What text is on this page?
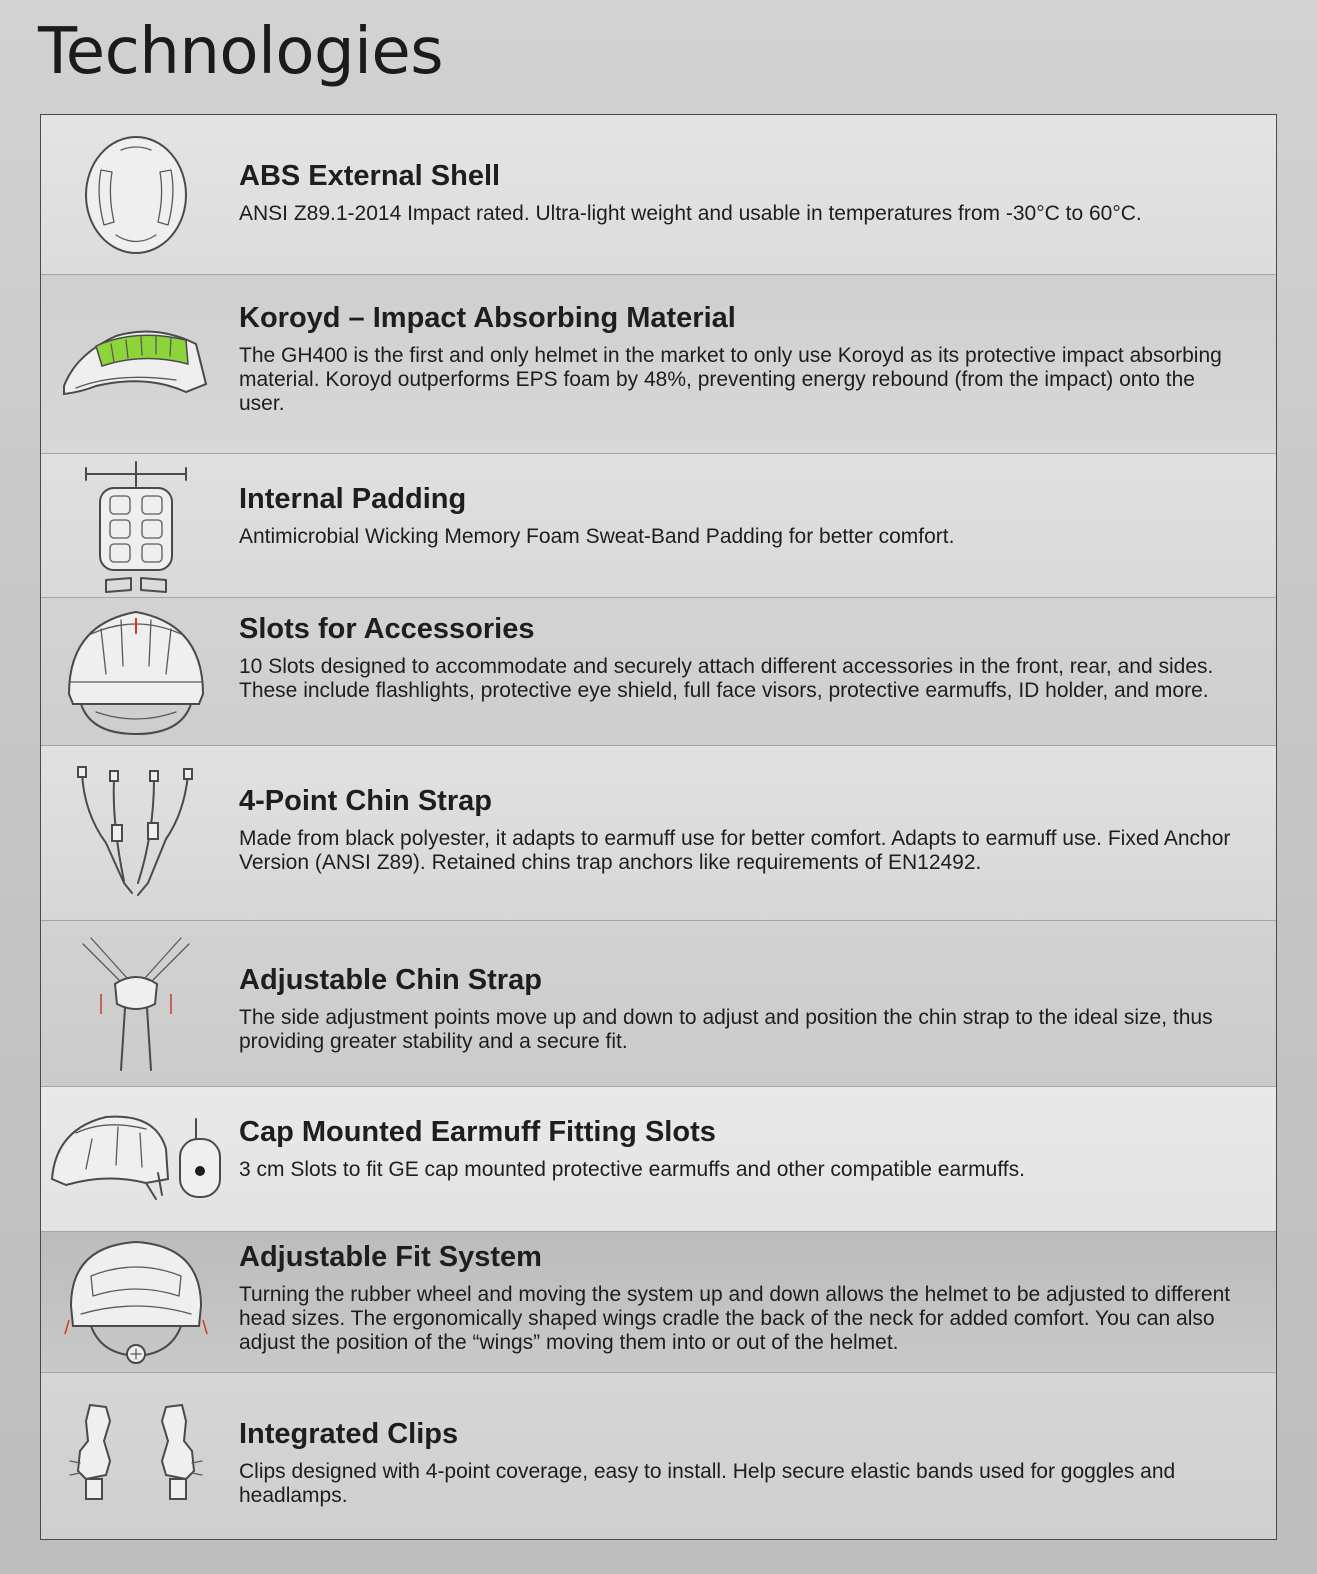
Technologies
ABS External Shell

ANSI Z89.1-2014 Impact rated. Ultra-light weight and usable in temperatures from -30°C to 60°C.

Koroyd – Impact Absorbing Material

The GH400 is the first and only helmet in the market to only use Koroyd as its protective impact absorbing material. Koroyd outperforms EPS foam by 48%, preventing energy rebound (from the impact) onto the user.

Internal Padding

Antimicrobial Wicking Memory Foam Sweat-Band Padding for better comfort.

Slots for Accessories

10 Slots designed to accommodate and securely attach different accessories in the front, rear, and sides. These include flashlights, protective eye shield, full face visors, protective earmuffs, ID holder, and more.

4-Point Chin Strap

Made from black polyester, it adapts to earmuff use for better comfort. Adapts to earmuff use. Fixed Anchor Version (ANSI Z89). Retained chins trap anchors like requirements of EN12492.

Adjustable Chin Strap

The side adjustment points move up and down to adjust and position the chin strap to the ideal size, thus providing greater stability and a secure fit.

Cap Mounted Earmuff Fitting Slots

3 cm Slots to fit GE cap mounted protective earmuffs and other compatible earmuffs.

Adjustable Fit System

Turning the rubber wheel and moving the system up and down allows the helmet to be adjusted to different head sizes. The ergonomically shaped wings cradle the back of the neck for added comfort. You can also adjust the position of the “wings” moving them into or out of the helmet.

Integrated Clips

Clips designed with 4-point coverage, easy to install. Help secure elastic bands used for goggles and headlamps.
